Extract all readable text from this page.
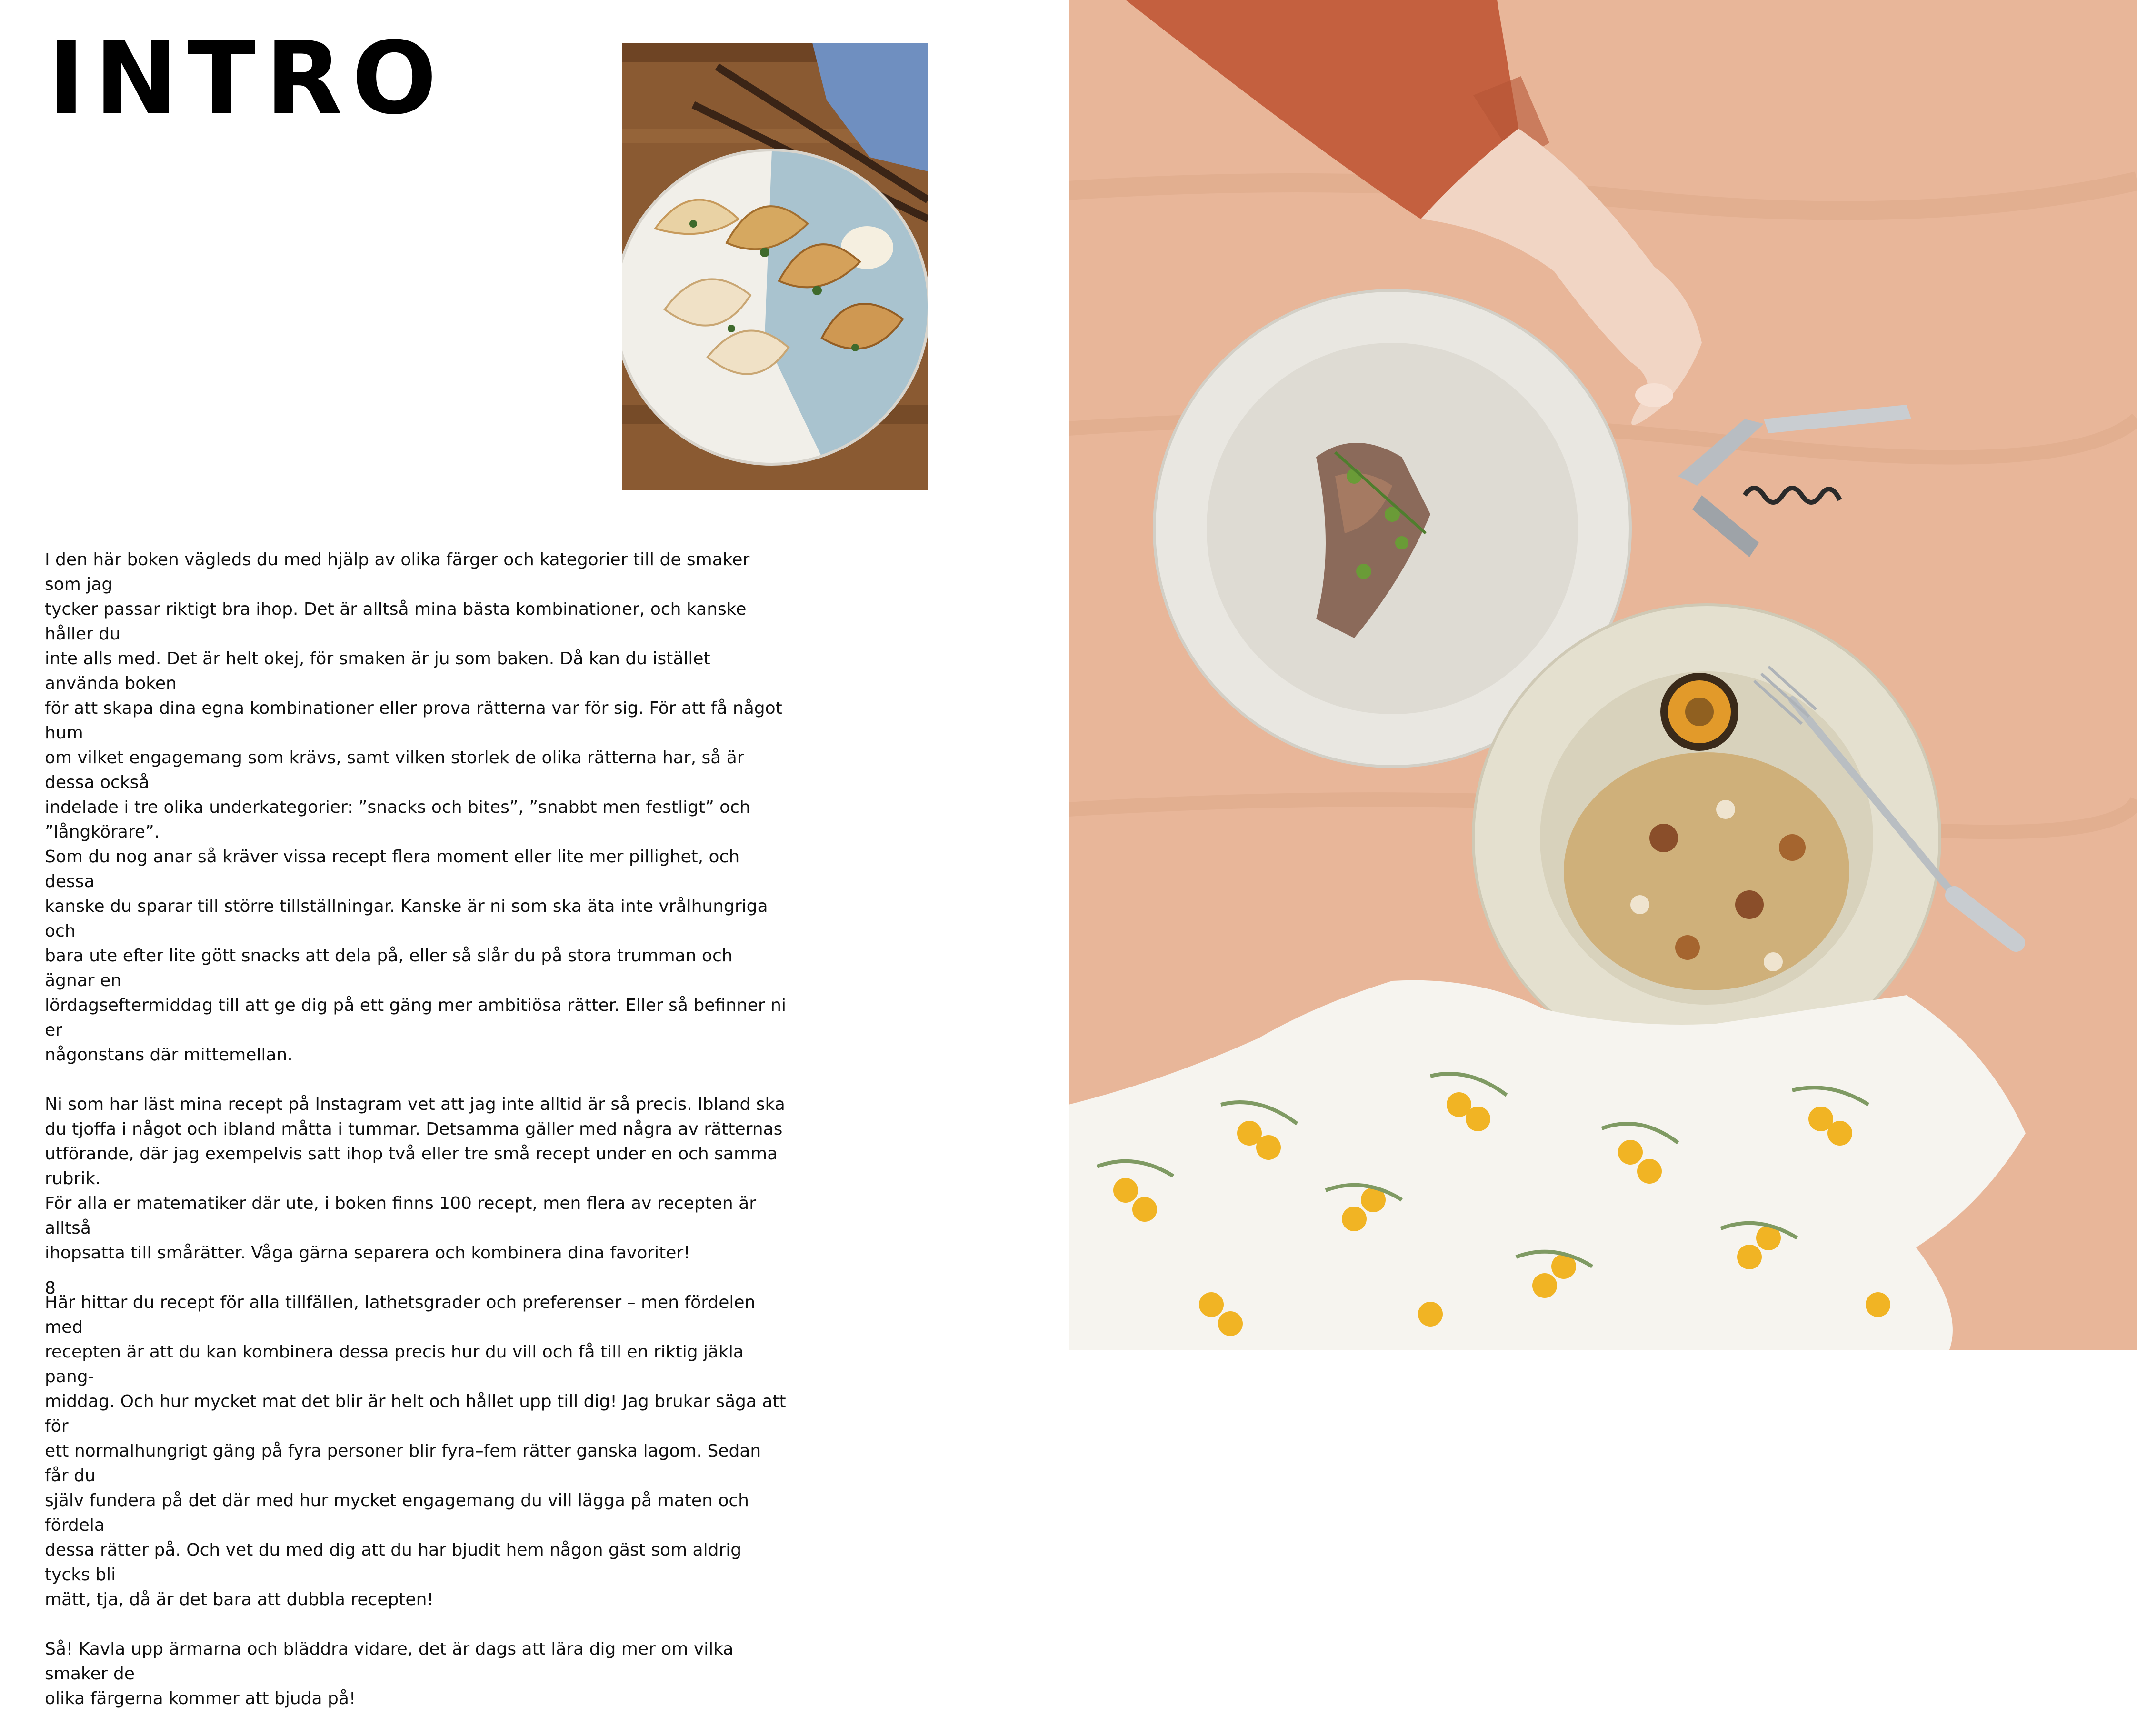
INTRO

I den här boken vägleds du med hjälp av olika färger och kategorier till de smaker som jag
tycker passar riktigt bra ihop. Det är alltså mina bästa kombinationer, och kanske håller du
inte alls med. Det är helt okej, för smaken är ju som baken. Då kan du istället använda boken
för att skapa dina egna kombinationer eller prova rätterna var för sig. För att få något hum
om vilket engagemang som krävs, samt vilken storlek de olika rätterna har, så är dessa också
indelade i tre olika underkategorier: ”snacks och bites”, ”snabbt men festligt” och ”långkörare”.
Som du nog anar så kräver vissa recept flera moment eller lite mer pillighet, och dessa
kanske du sparar till större tillställningar. Kanske är ni som ska äta inte vrålhungriga och
bara ute efter lite gött snacks att dela på, eller så slår du på stora trumman och ägnar en
lördagseftermiddag till att ge dig på ett gäng mer ambitiösa rätter. Eller så befinner ni er
någonstans där mittemellan.

Ni som har läst mina recept på Instagram vet att jag inte alltid är så precis. Ibland ska
du tjoffa i något och ibland måtta i tummar. Detsamma gäller med några av rätternas
utförande, där jag exempelvis satt ihop två eller tre små recept under en och samma rubrik.
För alla er matematiker där ute, i boken finns 100 recept, men flera av recepten är alltså
ihopsatta till smårätter. Våga gärna separera och kombinera dina favoriter!

Här hittar du recept för alla tillfällen, lathetsgrader och preferenser – men fördelen med
recepten är att du kan kombinera dessa precis hur du vill och få till en riktig jäkla pang-
middag. Och hur mycket mat det blir är helt och hållet upp till dig! Jag brukar säga att för
ett normalhungrigt gäng på fyra personer blir fyra–fem rätter ganska lagom. Sedan får du
själv fundera på det där med hur mycket engagemang du vill lägga på maten och fördela
dessa rätter på. Och vet du med dig att du har bjudit hem någon gäst som aldrig tycks bli
mätt, tja, då är det bara att dubbla recepten!

Så! Kavla upp ärmarna och bläddra vidare, det är dags att lära dig mer om vilka smaker de
olika färgerna kommer att bjuda på!

8
